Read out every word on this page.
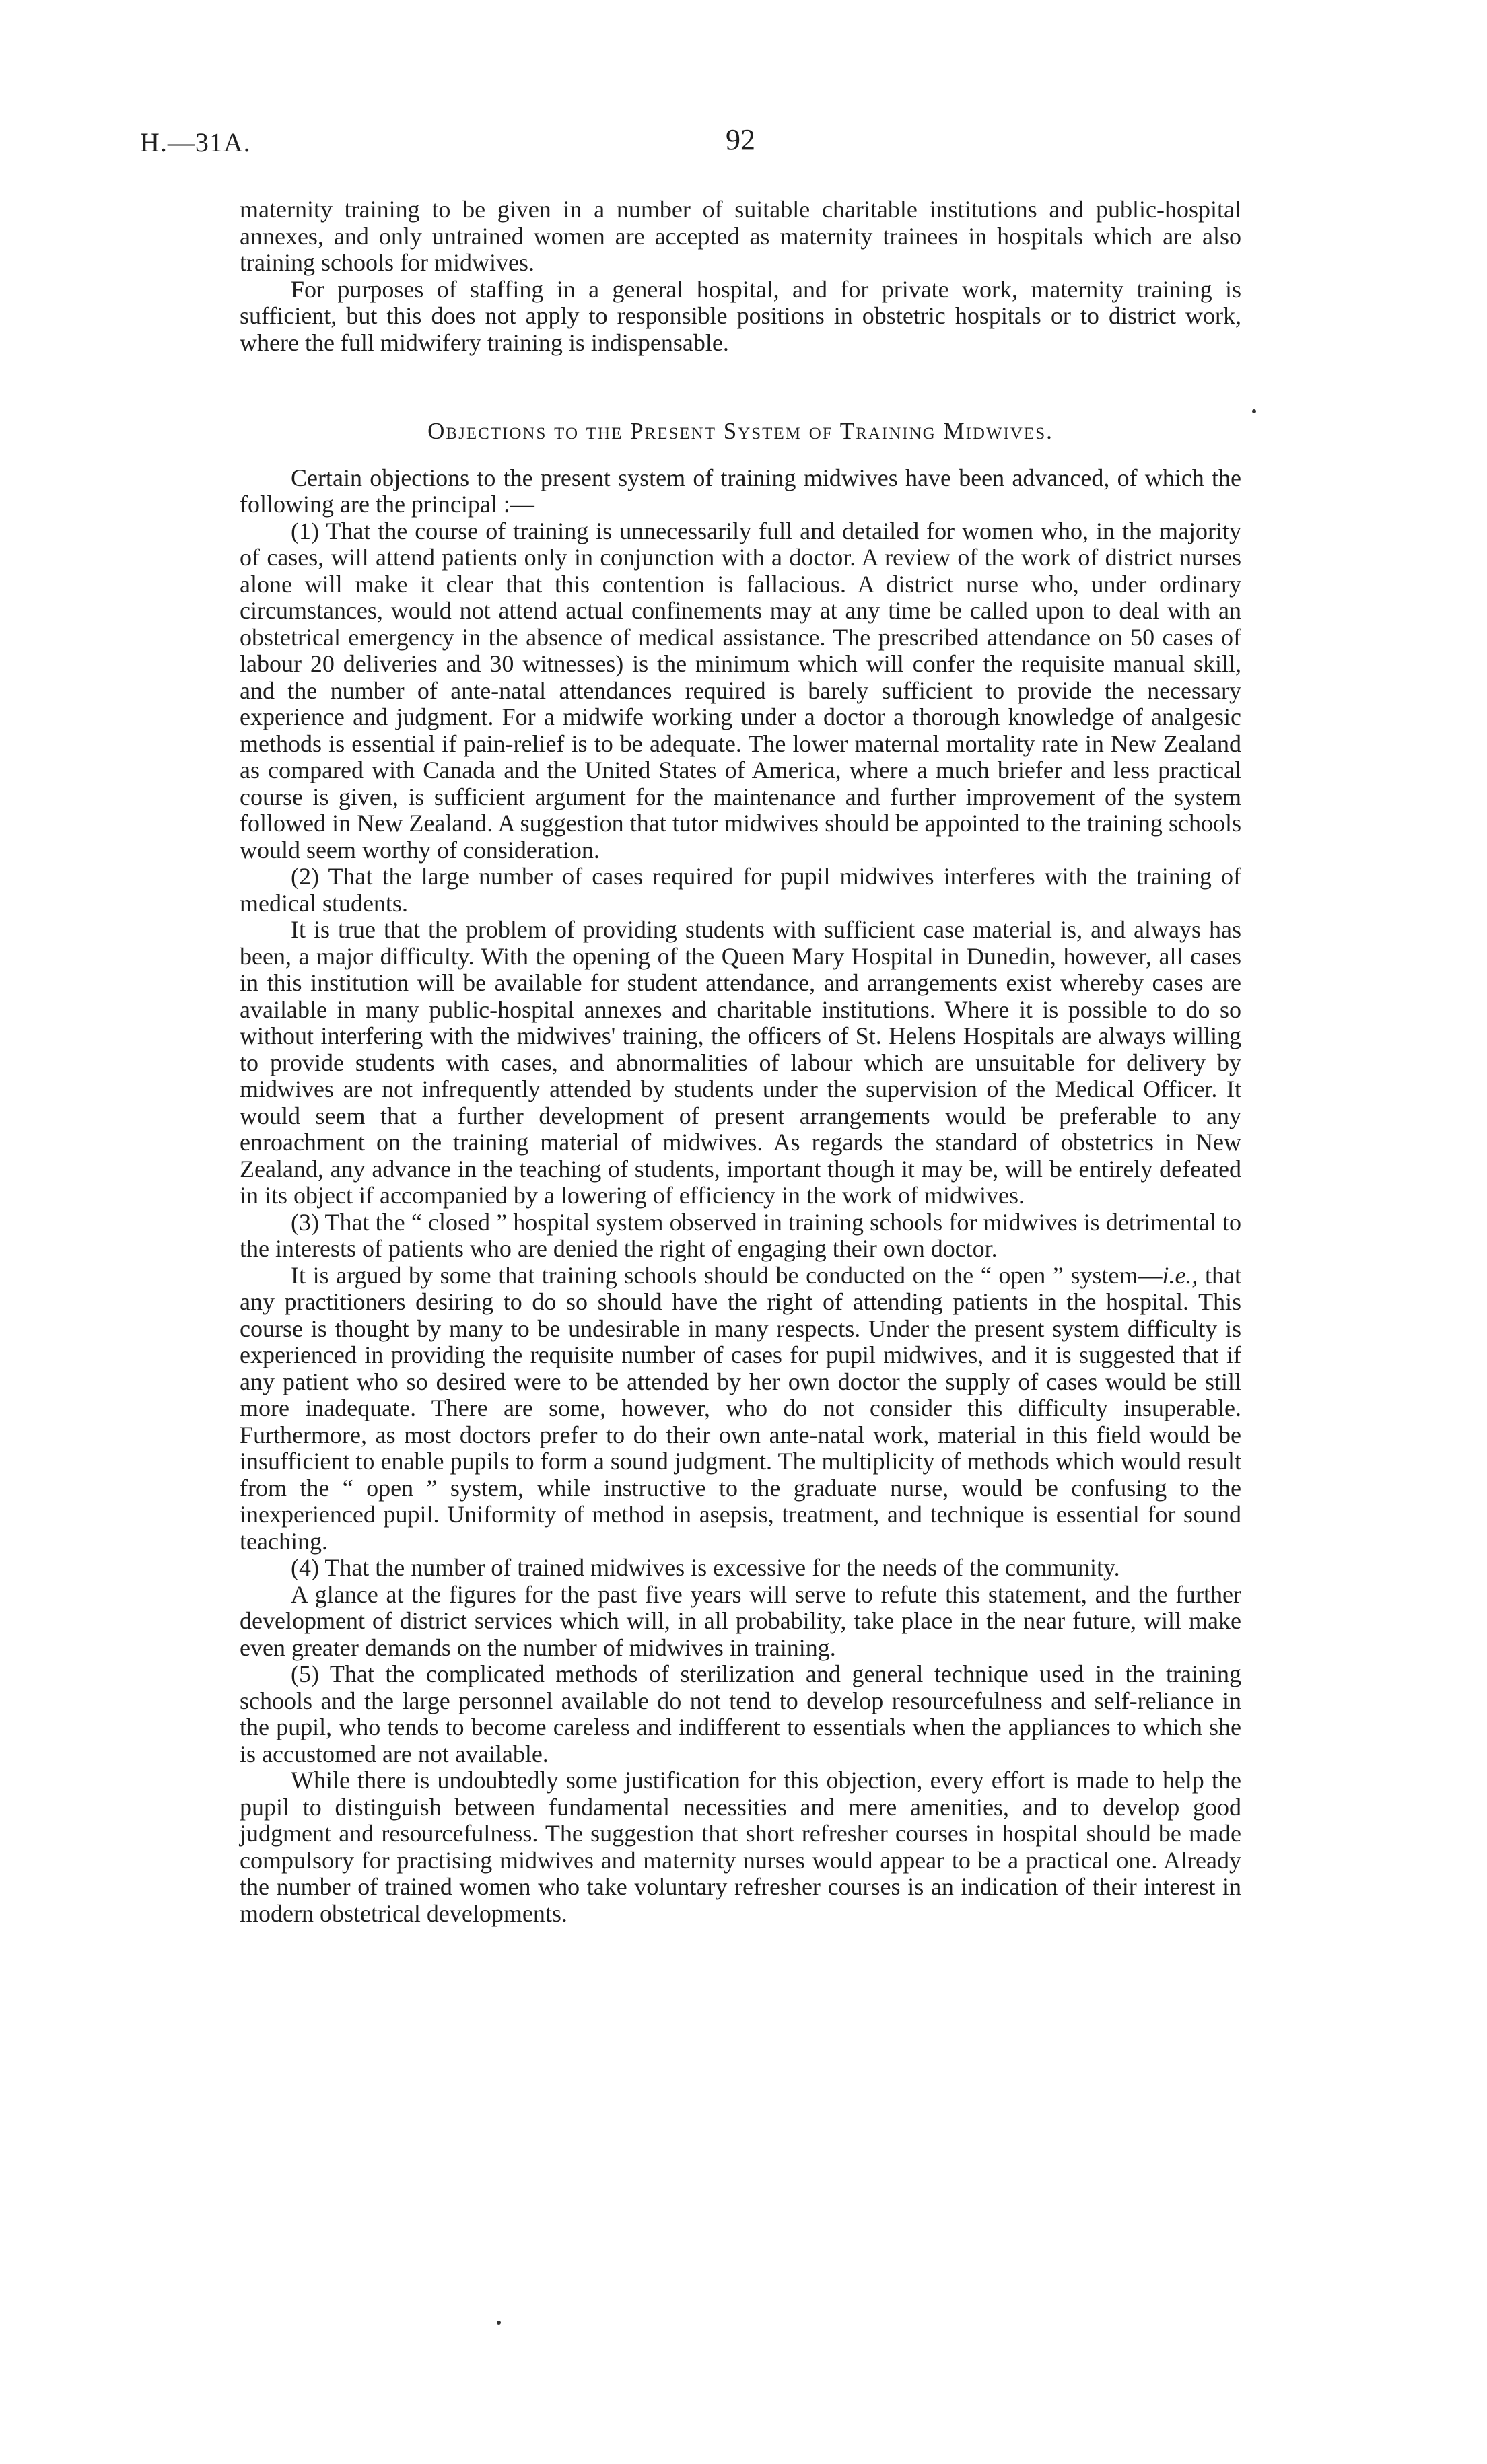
H.—31A.	92

maternity training to be given in a number of suitable charitable institutions and public-hospital annexes, and only untrained women are accepted as maternity trainees in hospitals which are also training schools for midwives.

For purposes of staffing in a general hospital, and for private work, maternity training is sufficient, but this does not apply to responsible positions in obstetric hospitals or to district work, where the full midwifery training is indispensable.

Objections to the Present System of Training Midwives.

Certain objections to the present system of training midwives have been advanced, of which the following are the principal :—

(1) That the course of training is unnecessarily full and detailed for women who, in the majority of cases, will attend patients only in conjunction with a doctor. A review of the work of district nurses alone will make it clear that this contention is fallacious. A district nurse who, under ordinary circumstances, would not attend actual confinements may at any time be called upon to deal with an obstetrical emergency in the absence of medical assistance. The prescribed attendance on 50 cases of labour 20 deliveries and 30 witnesses) is the minimum which will confer the requisite manual skill, and the number of ante-natal attendances required is barely sufficient to provide the necessary experience and judgment. For a midwife working under a doctor a thorough knowledge of analgesic methods is essential if pain-relief is to be adequate. The lower maternal mortality rate in New Zealand as compared with Canada and the United States of America, where a much briefer and less practical course is given, is sufficient argument for the maintenance and further improvement of the system followed in New Zealand. A suggestion that tutor midwives should be appointed to the training schools would seem worthy of consideration.

(2) That the large number of cases required for pupil midwives interferes with the training of medical students.

It is true that the problem of providing students with sufficient case material is, and always has been, a major difficulty. With the opening of the Queen Mary Hospital in Dunedin, however, all cases in this institution will be available for student attendance, and arrangements exist whereby cases are available in many public-hospital annexes and charitable institutions. Where it is possible to do so without interfering with the midwives' training, the officers of St. Helens Hospitals are always willing to provide students with cases, and abnormalities of labour which are unsuitable for delivery by midwives are not infrequently attended by students under the supervision of the Medical Officer. It would seem that a further development of present arrangements would be preferable to any enroachment on the training material of midwives. As regards the standard of obstetrics in New Zealand, any advance in the teaching of students, important though it may be, will be entirely defeated in its object if accompanied by a lowering of efficiency in the work of midwives.

(3) That the “ closed ” hospital system observed in training schools for midwives is detrimental to the interests of patients who are denied the right of engaging their own doctor.

It is argued by some that training schools should be conducted on the “ open ” system—i.e., that any practitioners desiring to do so should have the right of attending patients in the hospital. This course is thought by many to be undesirable in many respects. Under the present system difficulty is experienced in providing the requisite number of cases for pupil midwives, and it is suggested that if any patient who so desired were to be attended by her own doctor the supply of cases would be still more inadequate. There are some, however, who do not consider this difficulty insuperable. Furthermore, as most doctors prefer to do their own ante-natal work, material in this field would be insufficient to enable pupils to form a sound judgment. The multiplicity of methods which would result from the “ open ” system, while instructive to the graduate nurse, would be confusing to the inexperienced pupil. Uniformity of method in asepsis, treatment, and technique is essential for sound teaching.

(4) That the number of trained midwives is excessive for the needs of the community.

A glance at the figures for the past five years will serve to refute this statement, and the further development of district services which will, in all probability, take place in the near future, will make even greater demands on the number of midwives in training.

(5) That the complicated methods of sterilization and general technique used in the training schools and the large personnel available do not tend to develop resourcefulness and self-reliance in the pupil, who tends to become careless and indifferent to essentials when the appliances to which she is accustomed are not available.

While there is undoubtedly some justification for this objection, every effort is made to help the pupil to distinguish between fundamental necessities and mere amenities, and to develop good judgment and resourcefulness. The suggestion that short refresher courses in hospital should be made compulsory for practising midwives and maternity nurses would appear to be a practical one. Already the number of trained women who take voluntary refresher courses is an indication of their interest in modern obstetrical developments.
